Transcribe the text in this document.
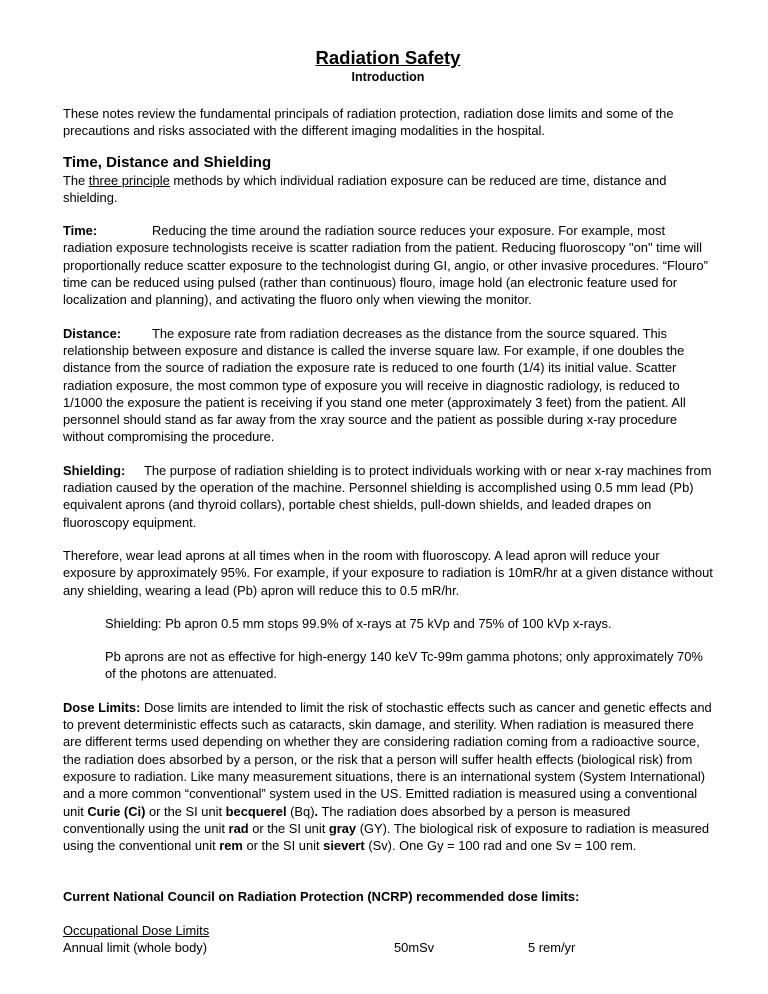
Radiation Safety
Introduction

These notes review the fundamental principals of radiation protection, radiation dose limits and some of the precautions and risks associated with the different imaging modalities in the hospital.

Time, Distance and Shielding

The three principle methods by which individual radiation exposure can be reduced are time, distance and shielding.

Time:	Reducing the time around the radiation source reduces your exposure. For example, most radiation exposure technologists receive is scatter radiation from the patient. Reducing fluoroscopy "on" time will proportionally reduce scatter exposure to the technologist during GI, angio, or other invasive procedures. “Flouro” time can be reduced using pulsed (rather than continuous) flouro, image hold (an electronic feature used for localization and planning), and activating the fluoro only when viewing the monitor.

Distance: The exposure rate from radiation decreases as the distance from the source squared. This relationship between exposure and distance is called the inverse square law. For example, if one doubles the distance from the source of radiation the exposure rate is reduced to one fourth (1/4) its initial value. Scatter radiation exposure, the most common type of exposure you will receive in diagnostic radiology, is reduced to 1/1000 the exposure the patient is receiving if you stand one meter (approximately 3 feet) from the patient. All personnel should stand as far away from the xray source and the patient as possible during x-ray procedure without compromising the procedure.

Shielding: The purpose of radiation shielding is to protect individuals working with or near x-ray machines from radiation caused by the operation of the machine. Personnel shielding is accomplished using 0.5 mm lead (Pb) equivalent aprons (and thyroid collars), portable chest shields, pull-down shields, and leaded drapes on fluoroscopy equipment.

Therefore, wear lead aprons at all times when in the room with fluoroscopy. A lead apron will reduce your exposure by approximately 95%. For example, if your exposure to radiation is 10mR/hr at a given distance without any shielding, wearing a lead (Pb) apron will reduce this to 0.5 mR/hr.

Shielding: Pb apron 0.5 mm stops 99.9% of x-rays at 75 kVp and 75% of 100 kVp x-rays.

Pb aprons are not as effective for high-energy 140 keV Tc-99m gamma photons; only approximately 70% of the photons are attenuated.

Dose Limits: Dose limits are intended to limit the risk of stochastic effects such as cancer and genetic effects and to prevent deterministic effects such as cataracts, skin damage, and sterility. When radiation is measured there are different terms used depending on whether they are considering radiation coming from a radioactive source, the radiation does absorbed by a person, or the risk that a person will suffer health effects (biological risk) from exposure to radiation. Like many measurement situations, there is an international system (System International) and a more common “conventional” system used in the US. Emitted radiation is measured using a conventional unit Curie (Ci) or the SI unit becquerel (Bq). The radiation does absorbed by a person is measured conventionally using the unit rad or the SI unit gray (GY). The biological risk of exposure to radiation is measured using the conventional unit rem or the SI unit sievert (Sv). One Gy = 100 rad and one Sv = 100 rem.

Current National Council on Radiation Protection (NCRP) recommended dose limits:

Occupational Dose Limits

Annual limit (whole body)	50mSv	5 rem/yr
